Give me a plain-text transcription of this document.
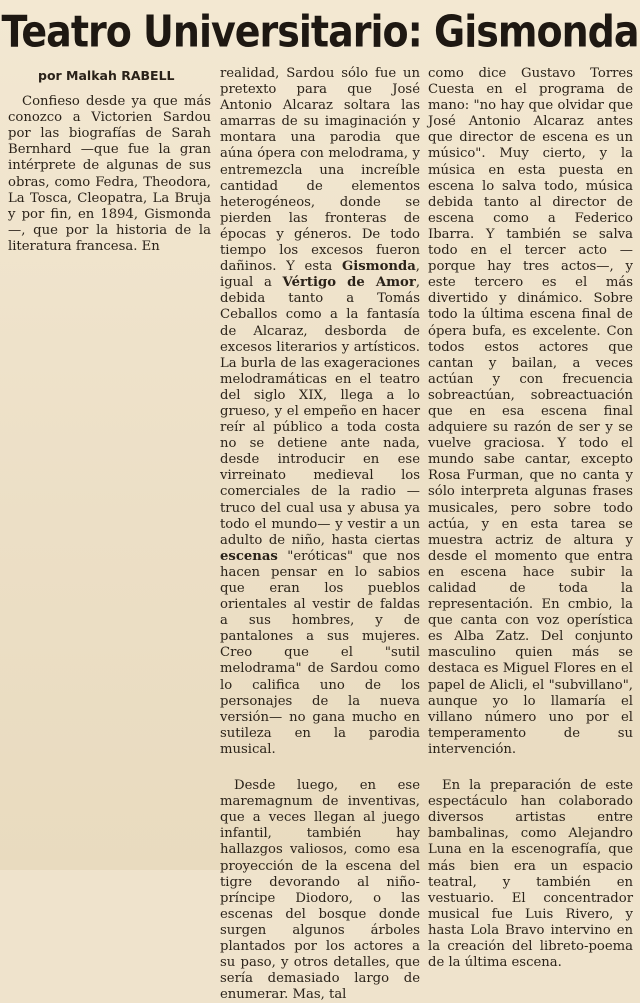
Teatro Universitario: Gismonda
por Malkah RABELL

Confieso desde ya que más conozco a Victorien Sardou por las biografías de Sarah Bernhard —que fue la gran intérprete de algunas de sus obras, como Fedra, Theodora, La Tosca, Cleopatra, La Bruja y por fin, en 1894, Gismonda—, que por la historia de la literatura francesa. En

realidad, Sardou sólo fue un pretexto para que José Antonio Alcaraz soltara las amarras de su imaginación y montara una parodia que aúna ópera con melodrama, y entremezcla una increíble cantidad de elementos heterogéneos, donde se pierden las fronteras de épocas y géneros. De todo tiempo los excesos fueron dañinos. Y esta Gismonda, igual a Vértigo de Amor, debida tanto a Tomás Ceballos como a la fantasía de Alcaraz, desborda de excesos literarios y artísticos. La burla de las exageraciones melodramáticas en el teatro del siglo XIX, llega a lo grueso, y el empeño en hacer reír al público a toda costa no se detiene ante nada, desde introducir en ese virreinato medieval los comerciales de la radio —truco del cual usa y abusa ya todo el mundo— y vestir a un adulto de niño, hasta ciertas escenas "eróticas" que nos hacen pensar en lo sabios que eran los pueblos orientales al vestir de faldas a sus hombres, y de pantalones a sus mujeres. Creo que el "sutil melodrama" de Sardou como lo califica uno de los personajes de la nueva versión— no gana mucho en sutileza en la parodia musical.

Desde luego, en ese maremagnum de inventivas, que a veces llegan al juego infantil, también hay hallazgos valiosos, como esa proyección de la escena del tigre devorando al niño-príncipe Diodoro, o las escenas del bosque donde surgen algunos árboles plantados por los actores a su paso, y otros detalles, que sería demasiado largo de enumerar. Mas, tal

como dice Gustavo Torres Cuesta en el programa de mano: "no hay que olvidar que José Antonio Alcaraz antes que director de escena es un músico". Muy cierto, y la música en esta puesta en escena lo salva todo, música debida tanto al director de escena como a Federico Ibarra. Y también se salva todo en el tercer acto —porque hay tres actos—, y este tercero es el más divertido y dinámico. Sobre todo la última escena final de ópera bufa, es excelente. Con todos estos actores que cantan y bailan, a veces actúan y con frecuencia sobreactúan, sobreactuación que en esa escena final adquiere su razón de ser y se vuelve graciosa. Y todo el mundo sabe cantar, excepto Rosa Furman, que no canta y sólo interpreta algunas frases musicales, pero sobre todo actúa, y en esta tarea se muestra actriz de altura y desde el momento que entra en escena hace subir la calidad de toda la representación. En cmbio, la que canta con voz operística es Alba Zatz. Del conjunto masculino quien más se destaca es Miguel Flores en el papel de Alicli, el "subvillano", aunque yo lo llamaría el villano número uno por el temperamento de su intervención.

En la preparación de este espectáculo han colaborado diversos artistas entre bambalinas, como Alejandro Luna en la escenografía, que más bien era un espacio teatral, y también en vestuario. El concentrador musical fue Luis Rivero, y hasta Lola Bravo intervino en la creación del libreto-poema de la última escena.
